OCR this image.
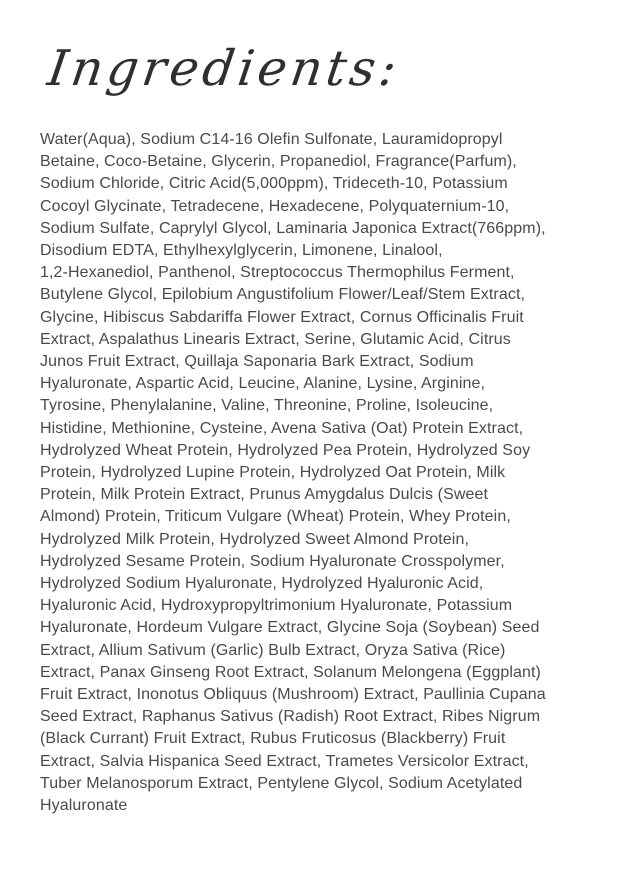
Ingredients:
Water(Aqua), Sodium C14-16 Olefin Sulfonate, Lauramidopropyl
Betaine, Coco-Betaine, Glycerin, Propanediol, Fragrance(Parfum),
Sodium Chloride, Citric Acid(5,000ppm), Trideceth-10, Potassium
Cocoyl Glycinate, Tetradecene, Hexadecene, Polyquaternium-10,
Sodium Sulfate, Caprylyl Glycol, Laminaria Japonica Extract(766ppm),
Disodium EDTA, Ethylhexylglycerin, Limonene, Linalool,
1,2-Hexanediol, Panthenol, Streptococcus Thermophilus Ferment,
Butylene Glycol, Epilobium Angustifolium Flower/Leaf/Stem Extract,
Glycine, Hibiscus Sabdariffa Flower Extract, Cornus Officinalis Fruit
Extract, Aspalathus Linearis Extract, Serine, Glutamic Acid, Citrus
Junos Fruit Extract, Quillaja Saponaria Bark Extract, Sodium
Hyaluronate, Aspartic Acid, Leucine, Alanine, Lysine, Arginine,
Tyrosine, Phenylalanine, Valine, Threonine, Proline, Isoleucine,
Histidine, Methionine, Cysteine, Avena Sativa (Oat) Protein Extract,
Hydrolyzed Wheat Protein, Hydrolyzed Pea Protein, Hydrolyzed Soy
Protein, Hydrolyzed Lupine Protein, Hydrolyzed Oat Protein, Milk
Protein, Milk Protein Extract, Prunus Amygdalus Dulcis (Sweet
Almond) Protein, Triticum Vulgare (Wheat) Protein, Whey Protein,
Hydrolyzed Milk Protein, Hydrolyzed Sweet Almond Protein,
Hydrolyzed Sesame Protein, Sodium Hyaluronate Crosspolymer,
Hydrolyzed Sodium Hyaluronate, Hydrolyzed Hyaluronic Acid,
Hyaluronic Acid, Hydroxypropyltrimonium Hyaluronate, Potassium
Hyaluronate, Hordeum Vulgare Extract, Glycine Soja (Soybean) Seed
Extract, Allium Sativum (Garlic) Bulb Extract, Oryza Sativa (Rice)
Extract, Panax Ginseng Root Extract, Solanum Melongena (Eggplant)
Fruit Extract, Inonotus Obliquus (Mushroom) Extract, Paullinia Cupana
Seed Extract, Raphanus Sativus (Radish) Root Extract, Ribes Nigrum
(Black Currant) Fruit Extract, Rubus Fruticosus (Blackberry) Fruit
Extract, Salvia Hispanica Seed Extract, Trametes Versicolor Extract,
Tuber Melanosporum Extract, Pentylene Glycol, Sodium Acetylated
Hyaluronate
